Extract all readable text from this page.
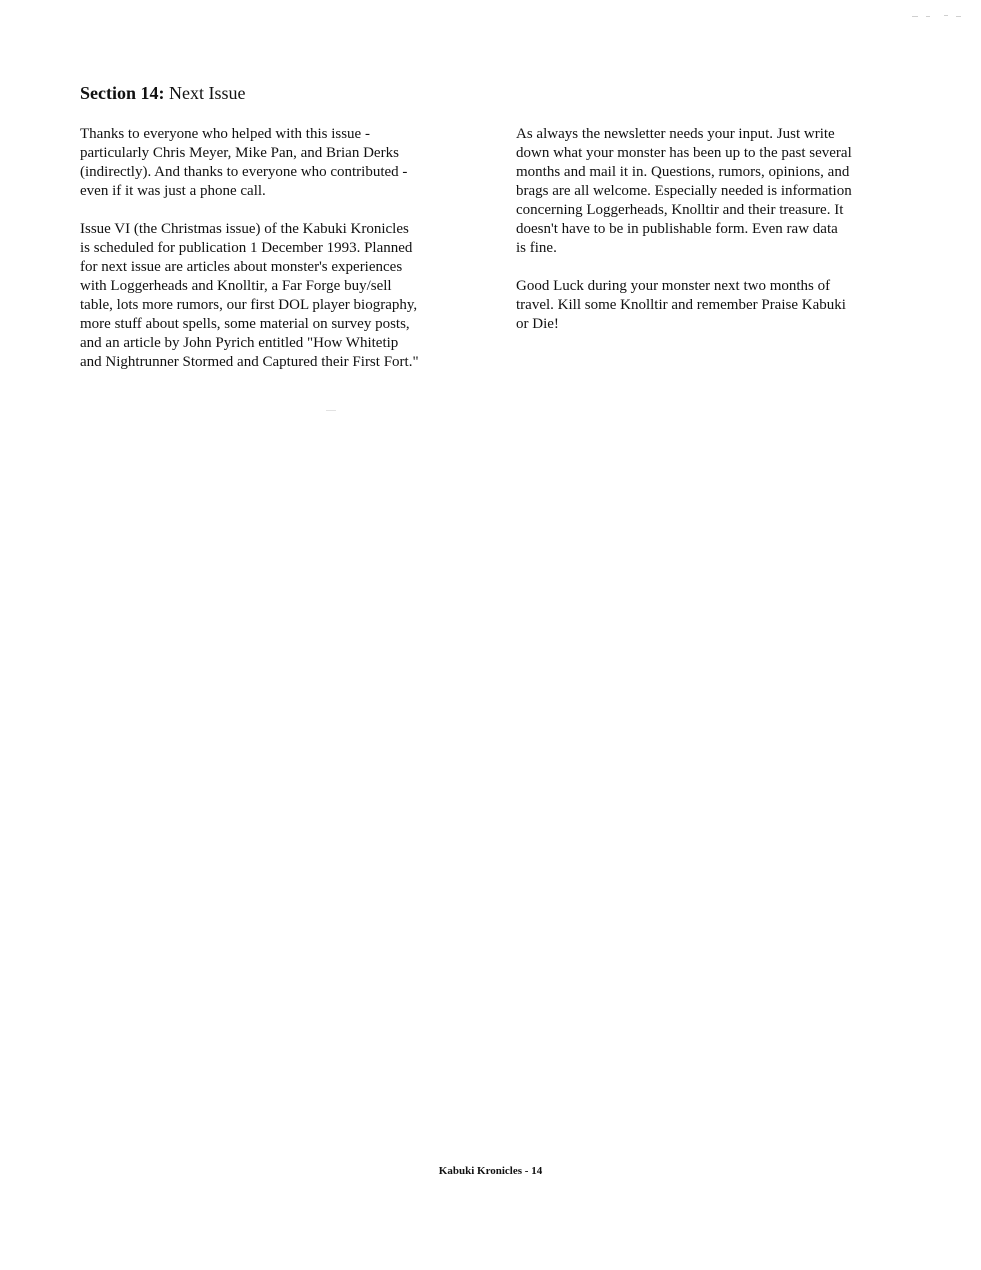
Section 14: Next Issue
Thanks to everyone who helped with this issue -
particularly Chris Meyer, Mike Pan, and Brian Derks
(indirectly). And thanks to everyone who contributed -
even if it was just a phone call.
Issue VI (the Christmas issue) of the Kabuki Kronicles
is scheduled for publication 1 December 1993. Planned
for next issue are articles about monster's experiences
with Loggerheads and Knolltir, a Far Forge buy/sell
table, lots more rumors, our first DOL player biography,
more stuff about spells, some material on survey posts,
and an article by John Pyrich entitled "How Whitetip
and Nightrunner Stormed and Captured their First Fort."
As always the newsletter needs your input. Just write
down what your monster has been up to the past several
months and mail it in. Questions, rumors, opinions, and
brags are all welcome. Especially needed is information
concerning Loggerheads, Knolltir and their treasure. It
doesn't have to be in publishable form. Even raw data
is fine.
Good Luck during your monster next two months of
travel. Kill some Knolltir and remember Praise Kabuki
or Die!
Kabuki Kronicles - 14
